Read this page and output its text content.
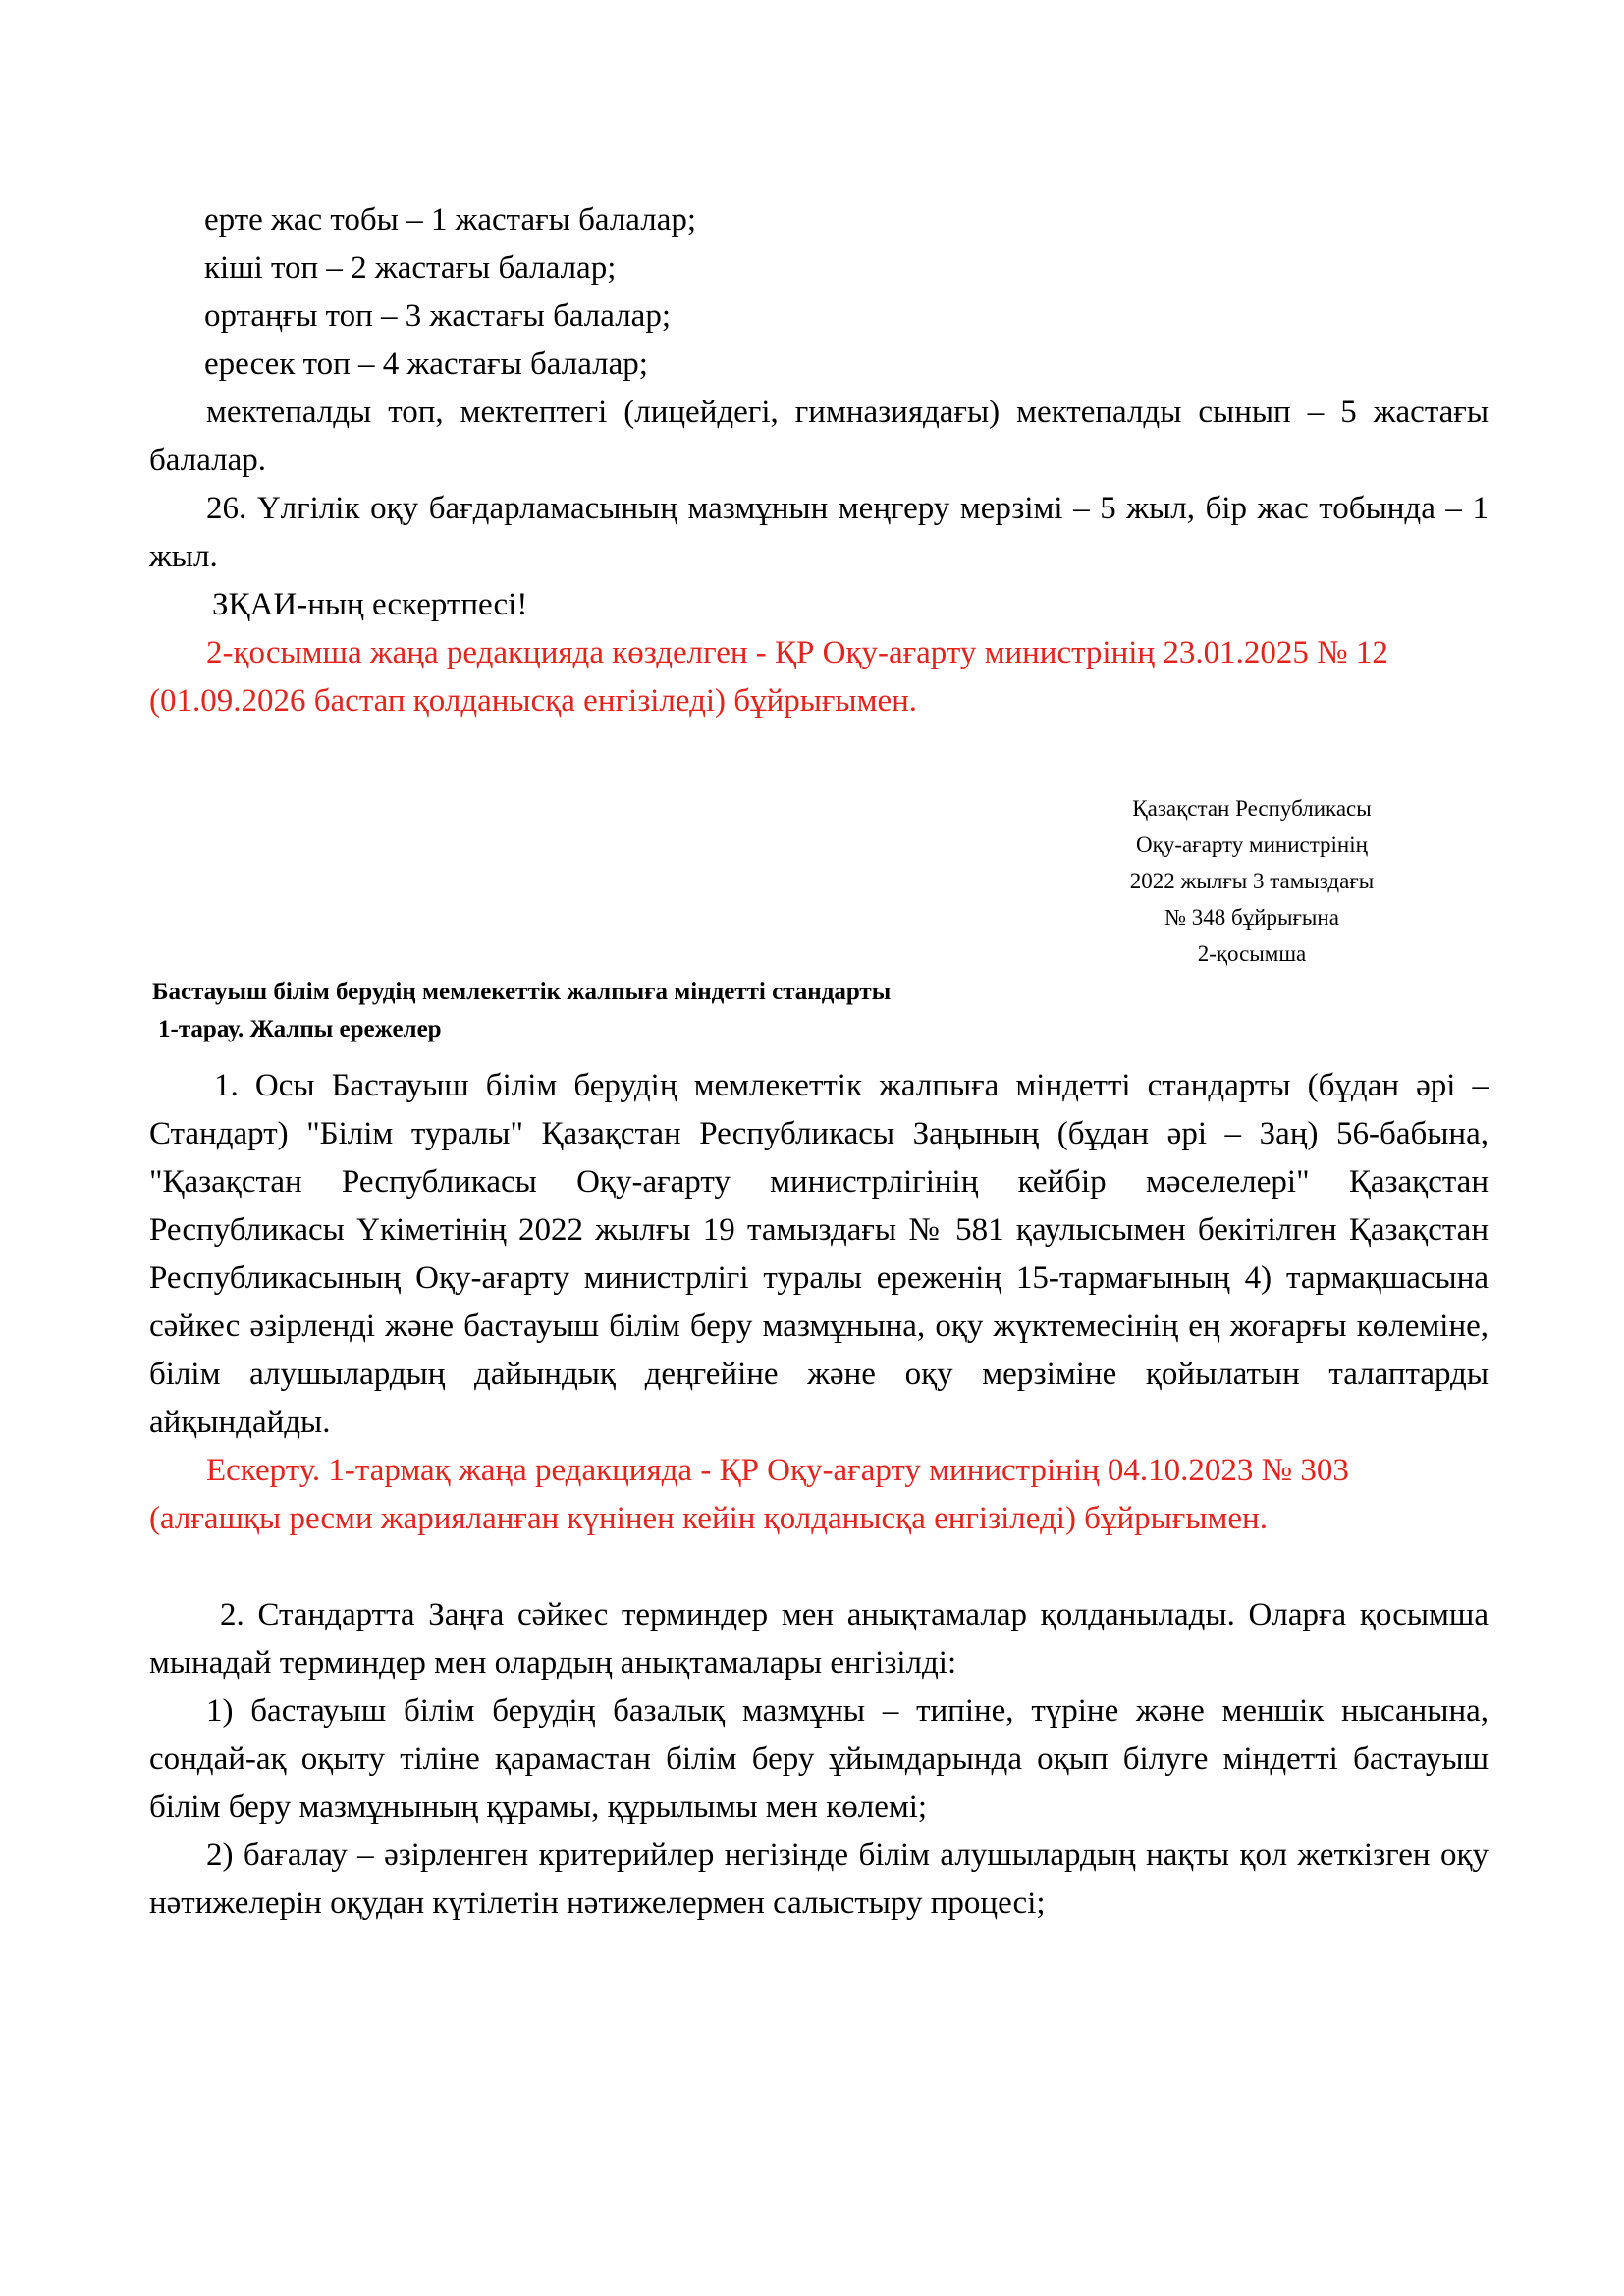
ерте жас тобы – 1 жастағы балалар;

кіші топ – 2 жастағы балалар;

ортаңғы топ – 3 жастағы балалар;

ересек топ – 4 жастағы балалар;

мектепалды топ, мектептегі (лицейдегі, гимназиядағы) мектепалды сынып – 5 жастағы балалар.

26. Үлгілік оқу бағдарламасының мазмұнын меңгеру мерзімі – 5 жыл, бір жас тобында – 1 жыл.

ЗҚАИ-ның ескертпесі!

2-қосымша жаңа редакцияда көзделген - ҚР Оқу-ағарту министрінің 23.01.2025 № 12 (01.09.2026 бастап қолданысқа енгізіледі) бұйрығымен.

Қазақстан Республикасы
Оқу-ағарту министрінің
2022 жылғы 3 тамыздағы
№ 348 бұйрығына
2-қосымша
Бастауыш білім берудің мемлекеттік жалпыға міндетті стандарты
1-тарау. Жалпы ережелер

1. Осы Бастауыш білім берудің мемлекеттік жалпыға міндетті стандарты (бұдан әрі – Стандарт) "Білім туралы" Қазақстан Республикасы Заңының (бұдан әрі – Заң) 56-бабына, "Қазақстан Республикасы Оқу-ағарту министрлігінің кейбір мәселелері" Қазақстан Республикасы Үкіметінің 2022 жылғы 19 тамыздағы № 581 қаулысымен бекітілген Қазақстан Республикасының Оқу-ағарту министрлігі туралы ереженің 15-тармағының 4) тармақшасына сәйкес әзірленді және бастауыш білім беру мазмұнына, оқу жүктемесінің ең жоғарғы көлеміне, білім алушылардың дайындық деңгейіне және оқу мерзіміне қойылатын талаптарды айқындайды.

Ескерту. 1-тармақ жаңа редакцияда - ҚР Оқу-ағарту министрінің 04.10.2023 № 303 (алғашқы ресми жарияланған күнінен кейін қолданысқа енгізіледі) бұйрығымен.

2. Стандартта Заңға сәйкес терминдер мен анықтамалар қолданылады. Оларға қосымша мынадай терминдер мен олардың анықтамалары енгізілді:

1) бастауыш білім берудің базалық мазмұны – типіне, түріне және меншік нысанына, сондай-ақ оқыту тіліне қарамастан білім беру ұйымдарында оқып білуге міндетті бастауыш білім беру мазмұнының құрамы, құрылымы мен көлемі;

2) бағалау – әзірленген критерийлер негізінде білім алушылардың нақты қол жеткізген оқу нәтижелерін оқудан күтілетін нәтижелермен салыстыру процесі;
